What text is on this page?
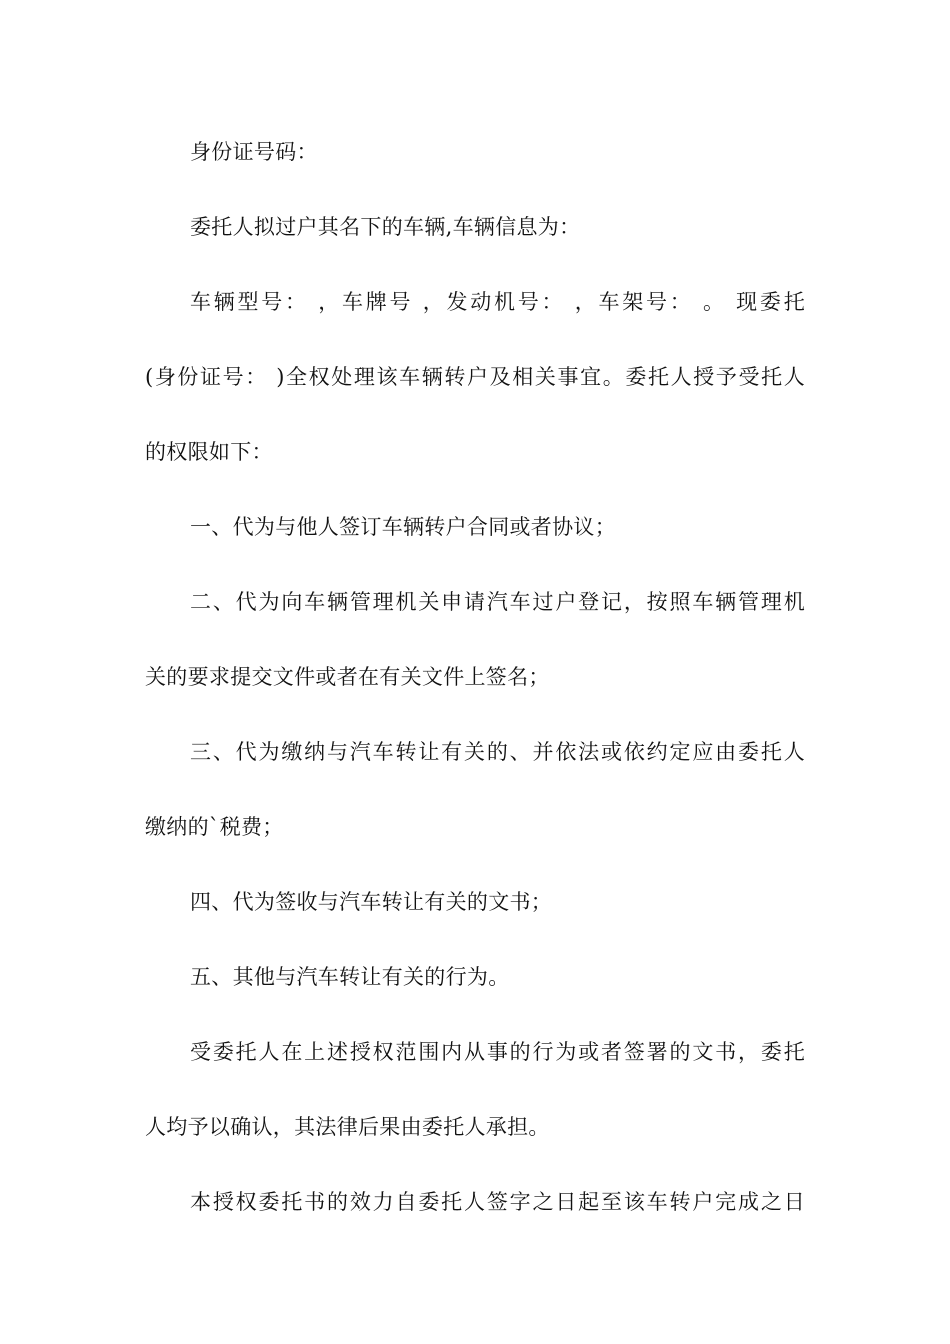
身份证号码：
委托人拟过户其名下的车辆,车辆信息为：
车辆型号： ，车牌号 ，发动机号： ，车架号： 。 现委托
(身份证号： )全权处理该车辆转户及相关事宜。委托人授予受托人
的权限如下：
一、代为与他人签订车辆转户合同或者协议；
二、代为向车辆管理机关申请汽车过户登记，按照车辆管理机
关的要求提交文件或者在有关文件上签名；
三、代为缴纳与汽车转让有关的、并依法或依约定应由委托人
缴纳的`税费；
四、代为签收与汽车转让有关的文书；
五、其他与汽车转让有关的行为。
受委托人在上述授权范围内从事的行为或者签署的文书，委托
人均予以确认，其法律后果由委托人承担。
本授权委托书的效力自委托人签字之日起至该车转户完成之日
